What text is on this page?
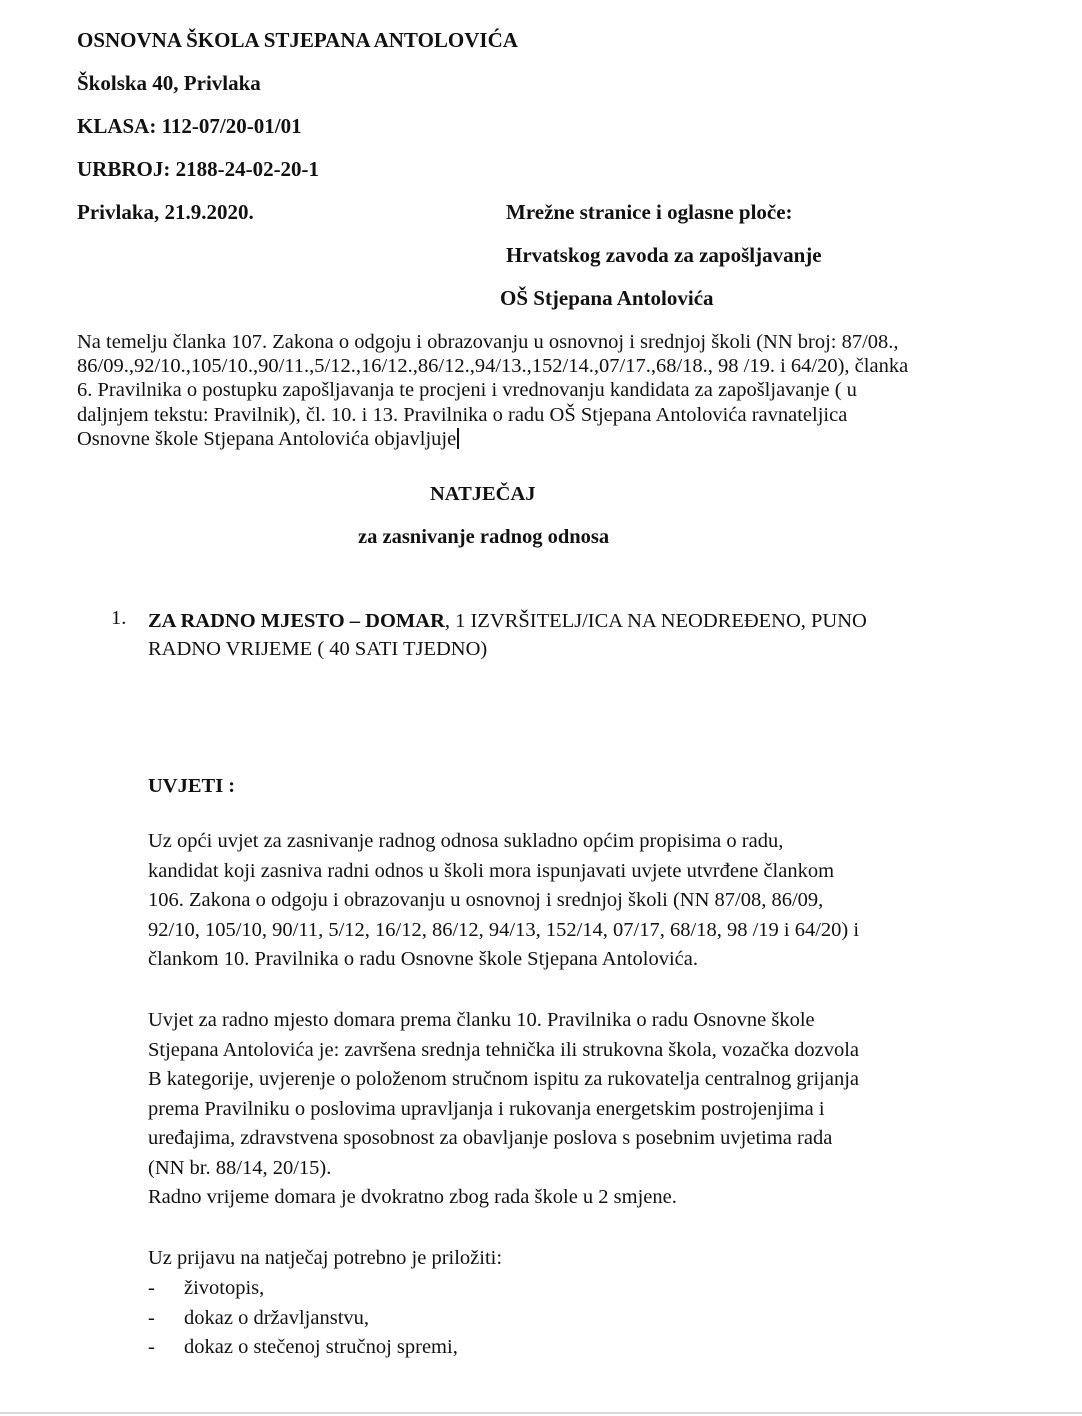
OSNOVNA ŠKOLA STJEPANA ANTOLOVIĆA
Školska 40, Privlaka
KLASA: 112-07/20-01/01
URBROJ: 2188-24-02-20-1
Privlaka, 21.9.2020.	Mrežne stranice i oglasne ploče:
Hrvatskog zavoda za zapošljavanje
OŠ Stjepana Antolovića

Na temelju članka 107. Zakona o odgoju i obrazovanju u osnovnoj i srednjoj školi (NN broj: 87/08.,
86/09.,92/10.,105/10.,90/11.,5/12.,16/12.,86/12.,94/13.,152/14.,07/17.,68/18., 98 /19. i 64/20), članka
6. Pravilnika o postupku zapošljavanja te procjeni i vrednovanju kandidata za zapošljavanje ( u
daljnjem tekstu: Pravilnik), čl. 10. i 13. Pravilnika o radu OŠ Stjepana Antolovića ravnateljica
Osnovne škole Stjepana Antolovića objavljuje

NATJEČAJ
za zasnivanje radnog odnosa
1. ZA RADNO MJESTO – DOMAR, 1 IZVRŠITELJ/ICA NA NEODREĐENO, PUNO
RADNO VRIJEME ( 40 SATI TJEDNO)

UVJETI :

Uz opći uvjet za zasnivanje radnog odnosa sukladno općim propisima o radu,
kandidat koji zasniva radni odnos u školi mora ispunjavati uvjete utvrđene člankom
106. Zakona o odgoju i obrazovanju u osnovnoj i srednjoj školi (NN 87/08, 86/09,
92/10, 105/10, 90/11, 5/12, 16/12, 86/12, 94/13, 152/14, 07/17, 68/18, 98 /19 i 64/20) i
člankom 10. Pravilnika o radu Osnovne škole Stjepana Antolovića.

Uvjet za radno mjesto domara prema članku 10. Pravilnika o radu Osnovne škole
Stjepana Antolovića je: završena srednja tehnička ili strukovna škola, vozačka dozvola
B kategorije, uvjerenje o položenom stručnom ispitu za rukovatelja centralnog grijanja
prema Pravilniku o poslovima upravljanja i rukovanja energetskim postrojenjima i
uređajima, zdravstvena sposobnost za obavljanje poslova s posebnim uvjetima rada
(NN br. 88/14, 20/15).
Radno vrijeme domara je dvokratno zbog rada škole u 2 smjene.

Uz prijavu na natječaj potrebno je priložiti:

- životopis,
- dokaz o državljanstvu,
- dokaz o stečenoj stručnoj spremi,
